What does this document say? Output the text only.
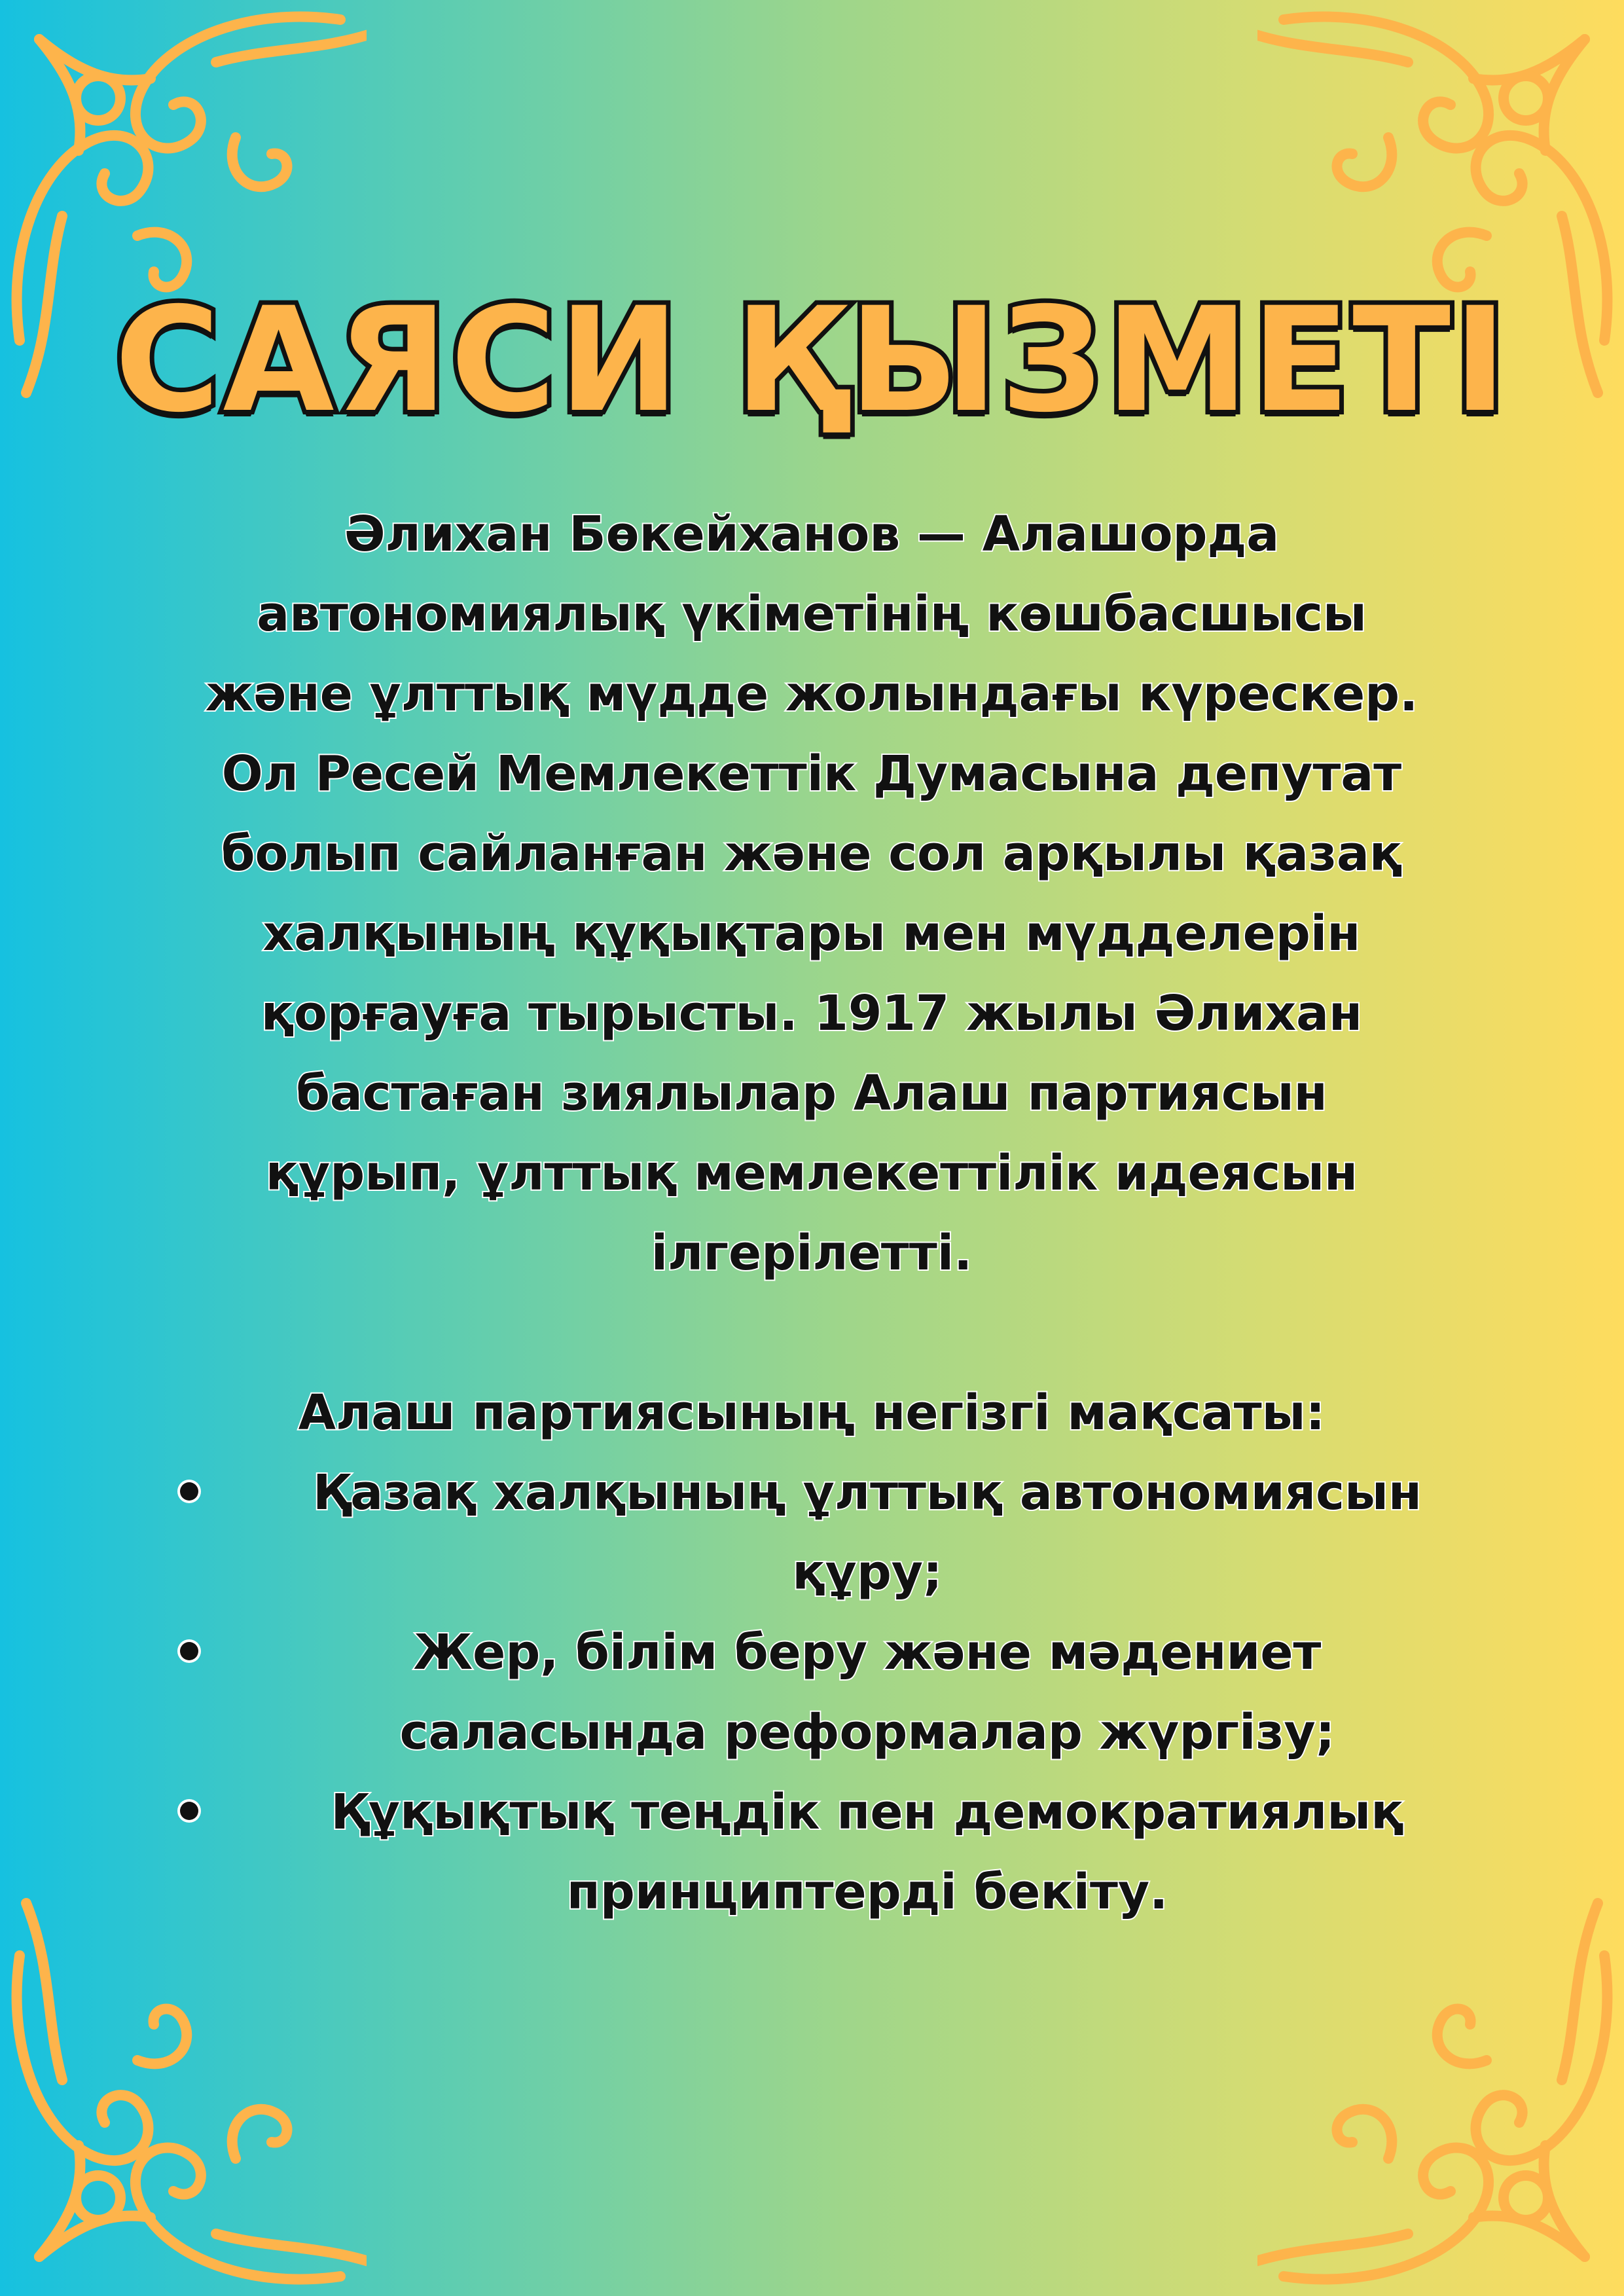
САЯСИ ҚЫЗМЕТІ

Әлихан Бөкейханов — Алашорда
автономиялық үкіметінің көшбасшысы
және ұлттық мүдде жолындағы күрескер.
Ол Ресей Мемлекеттік Думасына депутат
болып сайланған және сол арқылы қазақ
халқының құқықтары мен мүдделерін
қорғауға тырысты. 1917 жылы Әлихан
бастаған зиялылар Алаш партиясын
құрып, ұлттық мемлекеттілік идеясын
ілгерілетті.

Алаш партиясының негізгі мақсаты:

Қазақ халқының ұлттық автономиясын
құру;
Жер, білім беру және мәдениет
саласында реформалар жүргізу;
Құқықтық теңдік пен демократиялық
принциптерді бекіту.
